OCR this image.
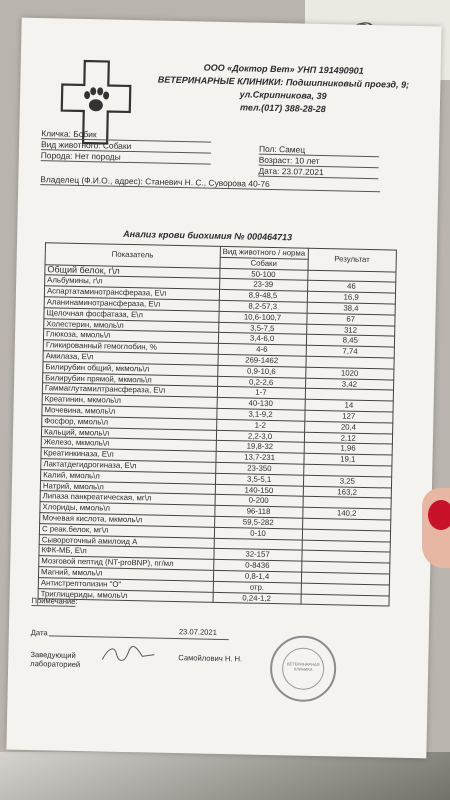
ООО «Доктор Вет» УНП 191490901
ВЕТЕРИНАРНЫЕ КЛИНИКИ: Подшипниковый проезд, 9;
ул.Скрипникова, 39
тел.(017) 388-28-28
Кличка: Бобик
Вид животного: Собаки
Порода: Нет породы
Пол: Самец
Возраст: 10 лет
Дата: 23.07.2021
Владелец (Ф.И.О., адрес): Станевич Н. С., Суворова 40-76
Анализ крови биохимия № 000464713
Показатель	Вид животного / норма	Результат
	Собаки	
Общий белок, г\л	50-100	
Альбумины, г\л	23-39	46
Аспартатаминотрансфераза, Е\л	8,9-48,5	16,9
Аланинаминотрансфераза, Е\л	8,2-57,3	38,4
Щелочная фосфатаза, Е\л	10,6-100,7	67
Холестерин, ммоль\л	3,5-7,5	312
Глюкоза, ммоль\л	3,4-6,0	8,45
Гликированный гемоглобин, %	4-6	7,74
Амилаза, Е\л	269-1462	
Билирубин общий, мкмоль\л	0,9-10,6	1020
Билирубин прямой, мкмоль\л	0,2-2,6	3,42
Гаммаглутамилтрансфераза, Е\л	1-7	
Креатинин, мкмоль\л	40-130	14
Мочевина, ммоль\л	3,1-9,2	127
Фосфор, ммоль\л	1-2	20,4
Кальций, ммоль\л	2,2-3,0	2,12
Железо, мкмоль\л	19,8-32	1,96
Креатинкиназа, Е\л	13,7-231	19,1
Лактатдегидрогиназа, Е\л	23-350	
Калий, ммоль\л	3,5-5,1	3,25
Натрий, ммоль\л	140-150	163,2
Липаза панкреатическая, мг\л	0-200	
Хлориды, ммоль\л	96-118	140,2
Мочевая кислота, мкмоль\л	59,5-282	
С реак.белок, мг\л	0-10	
Сывороточный амилоид А		
КФК-МБ, Е\л	32-157	
Мозговой пептид (NT-proBNP), пг/мл	0-8436	
Магний, ммоль\л	0,8-1,4	
Антистрептолизин "О"	отр.	
Триглицериды, ммоль\л	0,24-1,2	
Примечание:
Дата	23.07.2021
Заведующий
лабораторией
Самойлович Н. Н.
ВЕТЕРИНАРНАЯ КЛИНИКА
